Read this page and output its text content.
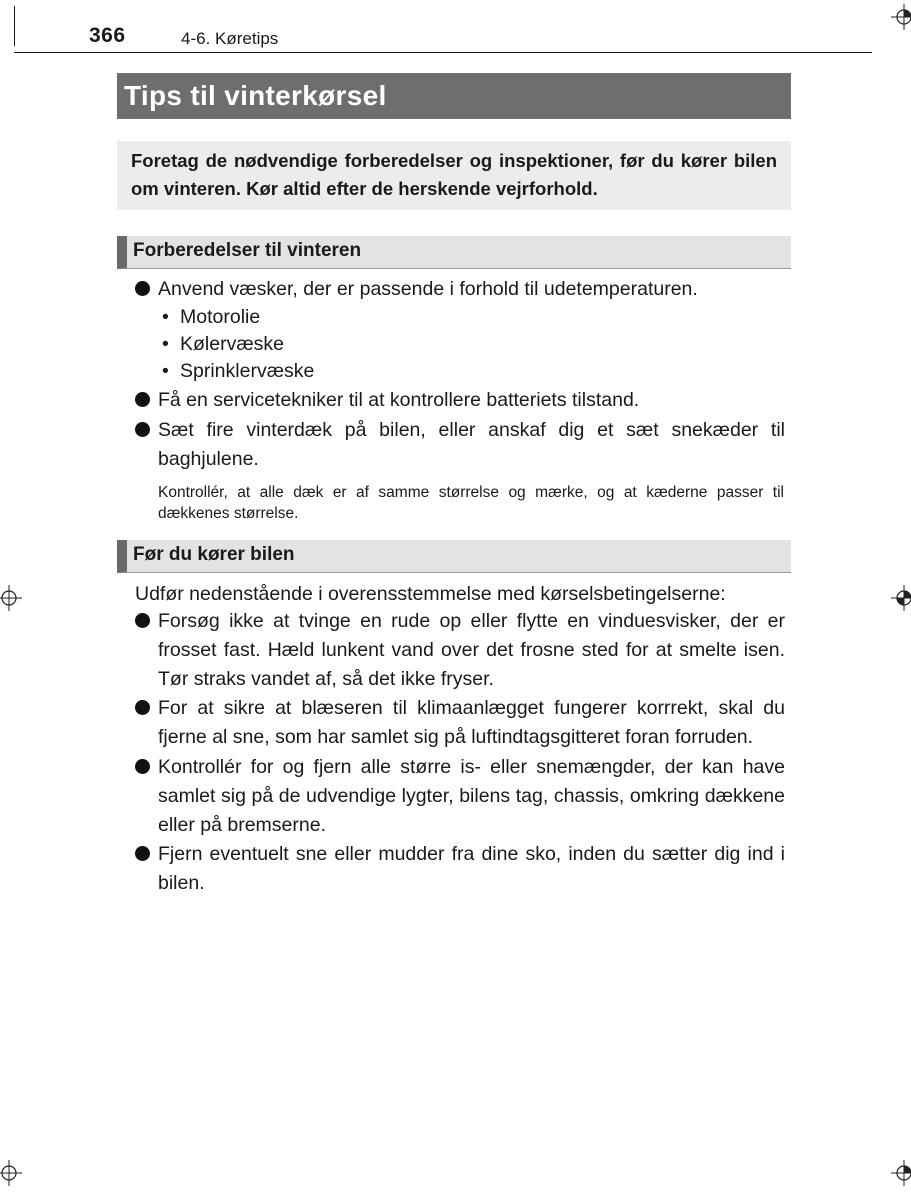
366	4-6. Køretips
Tips til vinterkørsel

Foretag de nødvendige forberedelser og inspektioner, før du kører bilen om vinteren. Kør altid efter de herskende vejrforhold.

Forberedelser til vinteren
Anvend væsker, der er passende i forhold til udetemperaturen.
• Motorolie
• Kølervæske
• Sprinklervæske
Få en servicetekniker til at kontrollere batteriets tilstand.
Sæt fire vinterdæk på bilen, eller anskaf dig et sæt snekæder til baghjulene.
Kontrollér, at alle dæk er af samme størrelse og mærke, og at kæderne passer til dækkenes størrelse.
Før du kører bilen
Udfør nedenstående i overensstemmelse med kørselsbetingelserne:
Forsøg ikke at tvinge en rude op eller flytte en vinduesvisker, der er frosset fast. Hæld lunkent vand over det frosne sted for at smelte isen. Tør straks vandet af, så det ikke fryser.
For at sikre at blæseren til klimaanlægget fungerer korrrekt, skal du fjerne al sne, som har samlet sig på luftindtagsgitteret foran forruden.
Kontrollér for og fjern alle større is- eller snemængder, der kan have samlet sig på de udvendige lygter, bilens tag, chassis, omkring dækkene eller på bremserne.
Fjern eventuelt sne eller mudder fra dine sko, inden du sætter dig ind i bilen.
